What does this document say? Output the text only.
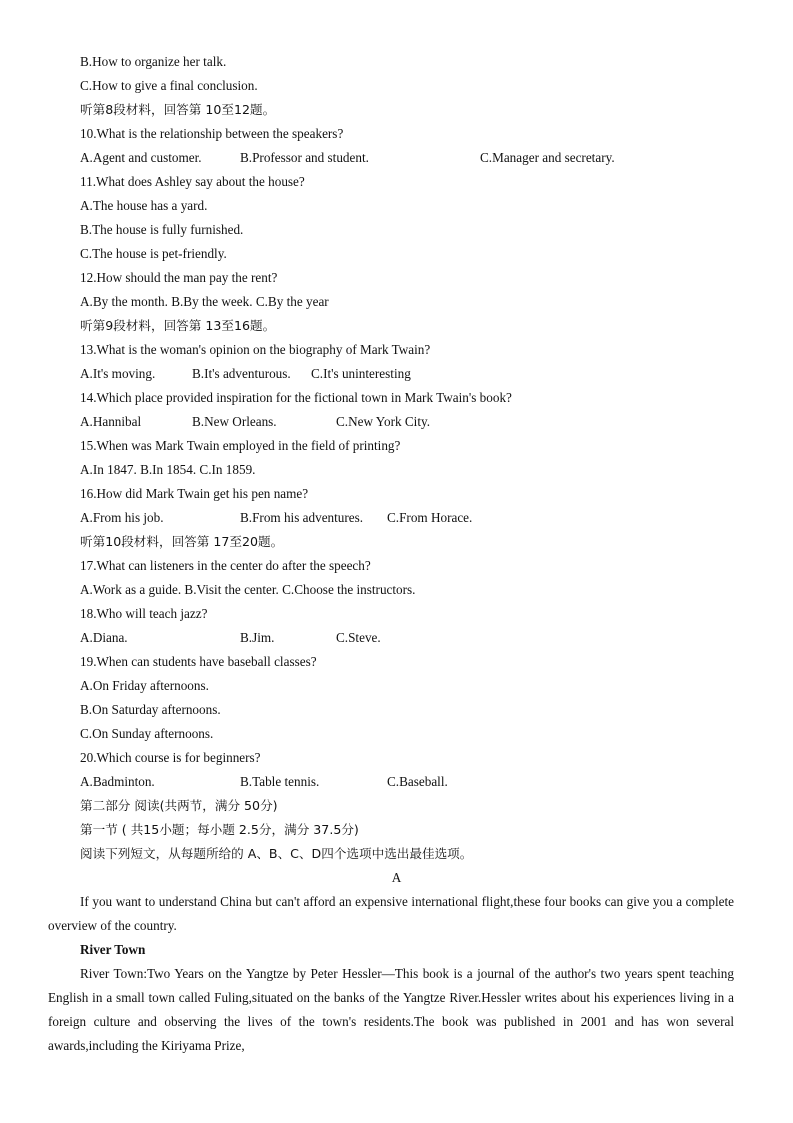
B.How to organize her talk.
C.How to give a final conclusion.
听第8段材料，回答第 10至12题。
10.What is the relationship between the speakers?
A.Agent and customer.	B.Professor and student.	C.Manager and secretary.
11.What does Ashley say about the house?
A.The house has a yard.
B.The house is fully furnished.
C.The house is pet-friendly.
12.How should the man pay the rent?
A.By the month. B.By the week. C.By the year
听第9段材料，回答第 13至16题。
13.What is the woman's opinion on the biography of Mark Twain?
A.It's moving.	B.It's adventurous. C.It's uninteresting
14.Which place provided inspiration for the fictional town in Mark Twain's book?
A.Hannibal	B.New Orleans.	C.New York City.
15.When was Mark Twain employed in the field of printing?
A.In 1847. B.In 1854. C.In 1859.
16.How did Mark Twain get his pen name?
A.From his job.	B.From his adventures. C.From Horace.
听第10段材料，回答第 17至20题。
17.What can listeners in the center do after the speech?
A.Work as a guide. B.Visit the center. C.Choose the instructors.
18.Who will teach jazz?
A.Diana.	B.Jim.	C.Steve.
19.When can students have baseball classes?
A.On Friday afternoons.
B.On Saturday afternoons.
C.On Sunday afternoons.
20.Which course is for beginners?
A.Badminton.	B.Table tennis.	C.Baseball.
第二部分 阅读(共两节，满分 50分)
第一节 ( 共15小题；每小题 2.5分，满分 37.5分)
阅读下列短文，从每题所给的 A、B、C、D四个选项中选出最佳选项。
A

If you want to understand China but can't afford an expensive international flight,these four books can give you a complete overview of the country.

River Town

River Town:Two Years on the Yangtze by Peter Hessler—This book is a journal of the author's two years spent teaching English in a small town called Fuling,situated on the banks of the Yangtze River.Hessler writes about his experiences living in a foreign culture and observing the lives of the town's residents.The book was published in 2001 and has won several awards,including the Kiriyama Prize,
